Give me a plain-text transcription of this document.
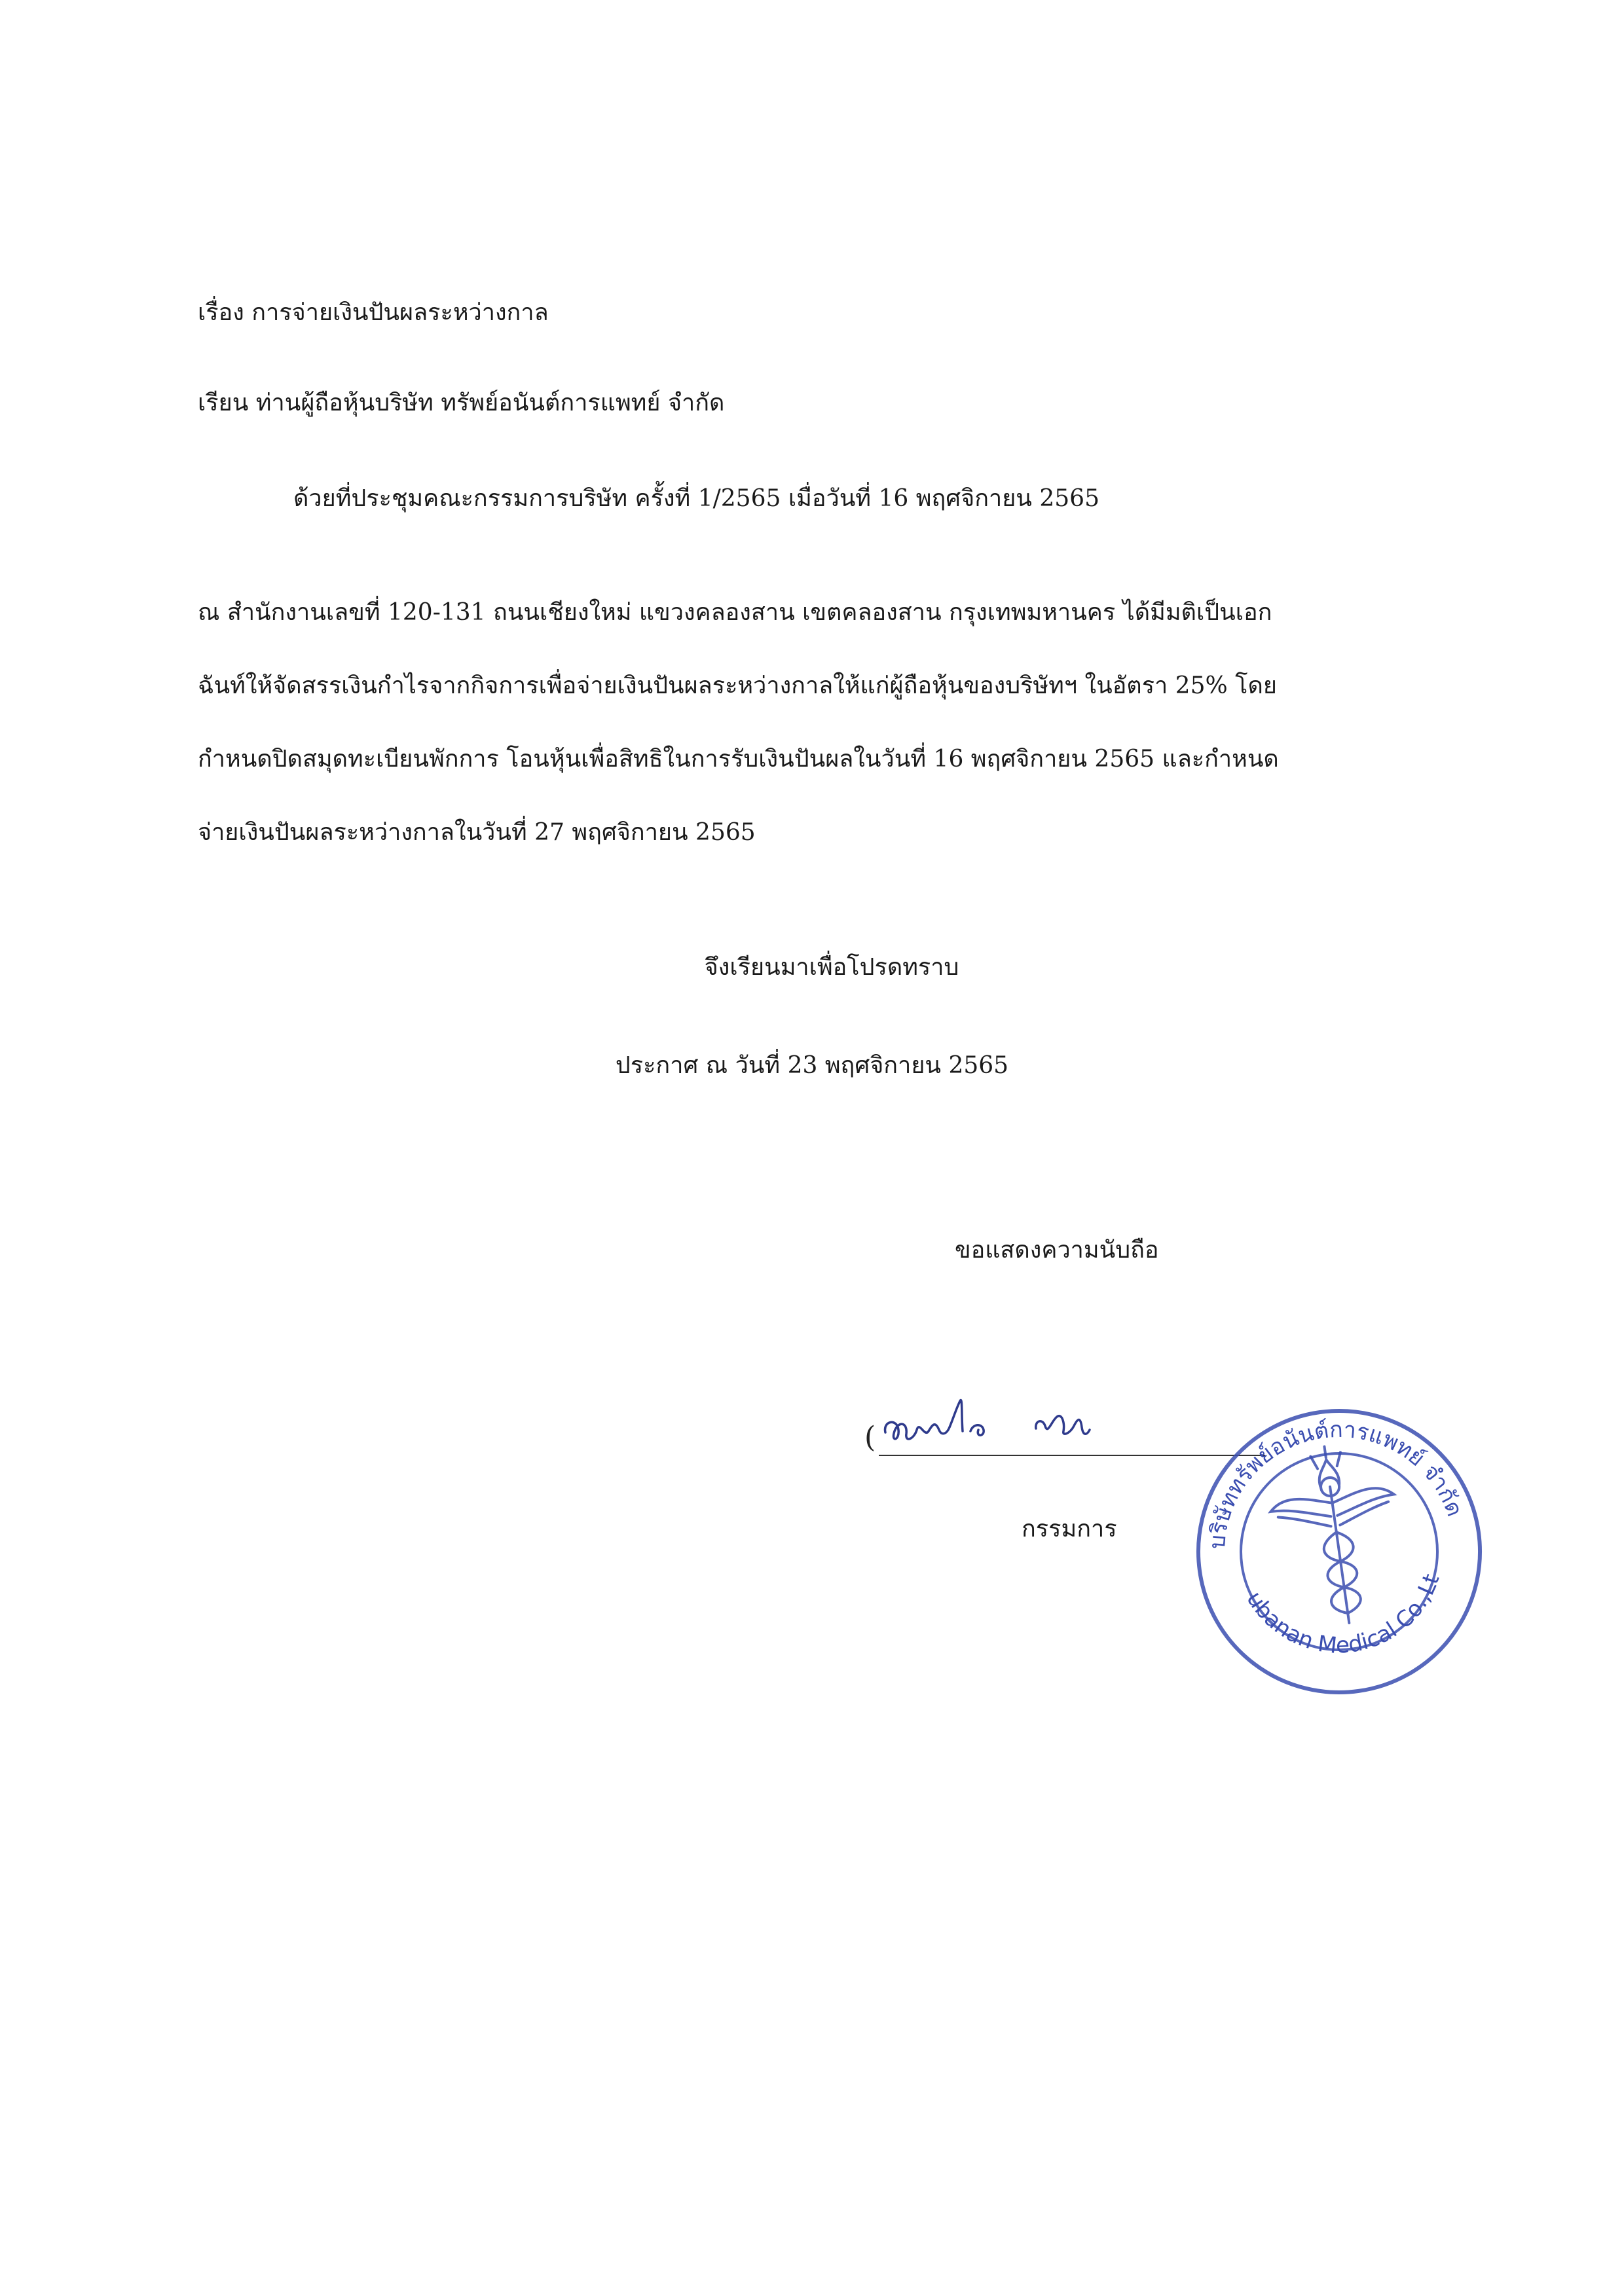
เรื่อง การจ่ายเงินปันผลระหว่างกาล
เรียน ท่านผู้ถือหุ้นบริษัท ทรัพย์อนันต์การแพทย์ จำกัด
ด้วยที่ประชุมคณะกรรมการบริษัท ครั้งที่ 1/2565 เมื่อวันที่ 16 พฤศจิกายน 2565
ณ สำนักงานเลขที่ 120-131 ถนนเชียงใหม่ แขวงคลองสาน เขตคลองสาน กรุงเทพมหานคร ได้มีมติเป็นเอก
ฉันท์ให้จัดสรรเงินกำไรจากกิจการเพื่อจ่ายเงินปันผลระหว่างกาลให้แก่ผู้ถือหุ้นของบริษัทฯ ในอัตรา 25% โดย
กำหนดปิดสมุดทะเบียนพักการ โอนหุ้นเพื่อสิทธิในการรับเงินปันผลในวันที่ 16 พฤศจิกายน 2565 และกำหนด
จ่ายเงินปันผลระหว่างกาลในวันที่ 27 พฤศจิกายน 2565
จึงเรียนมาเพื่อโปรดทราบ
ประกาศ ณ วันที่ 23 พฤศจิกายน 2565
ขอแสดงความนับถือ
(
กรรมการ	บริษัททรัพย์อนันต์การแพทย์ จำกัด
Subanan Medical Co.,Ltd.
